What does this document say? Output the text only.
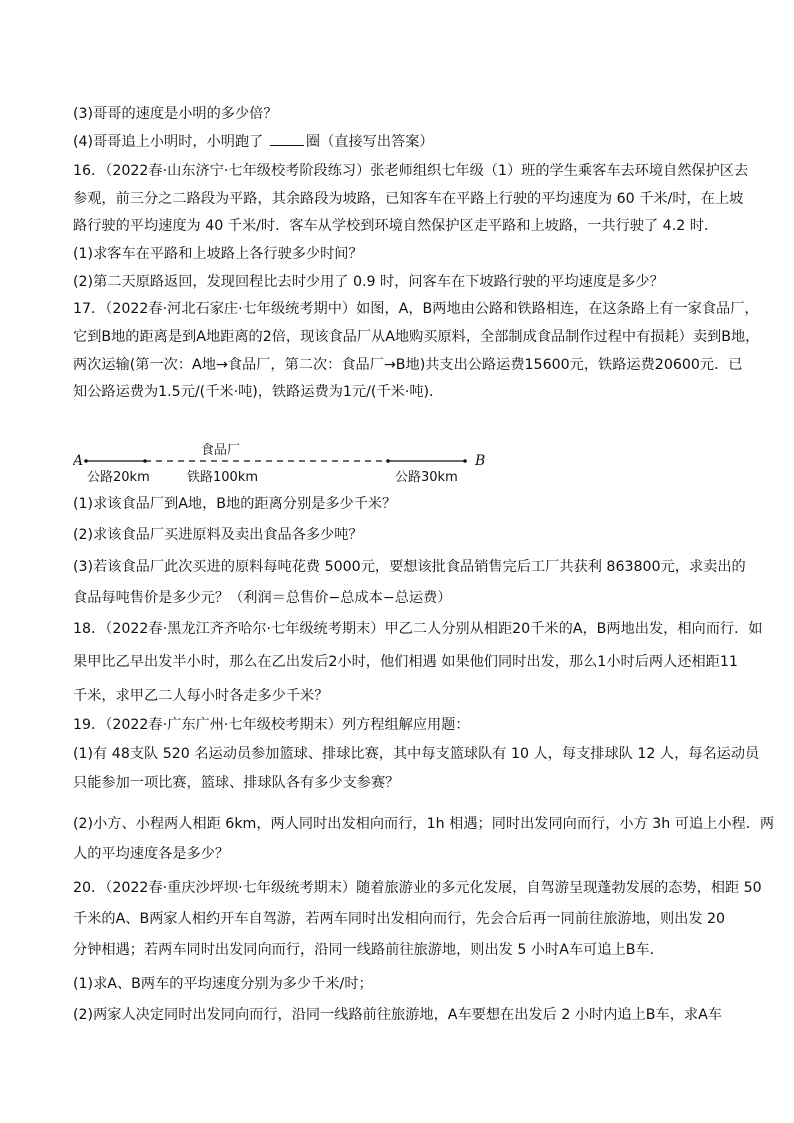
(3)哥哥的速度是小明的多少倍？
(4)哥哥追上小明时，小明跑了	圈（直接写出答案）
16．（2022春·山东济宁·七年级校考阶段练习）张老师组织七年级（1）班的学生乘客车去环境自然保护区去
参观，前三分之二路段为平路，其余路段为坡路，已知客车在平路上行驶的平均速度为 60 千米/时，在上坡
路行驶的平均速度为 40 千米/时．客车从学校到环境自然保护区走平路和上坡路，一共行驶了 4.2 时．
(1)求客车在平路和上坡路上各行驶多少时间？
(2)第二天原路返回，发现回程比去时少用了 0.9 时，问客车在下坡路行驶的平均速度是多少？
17．（2022春·河北石家庄·七年级统考期中）如图，A，B两地由公路和铁路相连，在这条路上有一家食品厂，
它到B地的距离是到A地距离的2倍，现该食品厂从A地购买原料，全部制成食品制作过程中有损耗）卖到B地，
两次运输(第一次：A地→食品厂，第二次：食品厂→B地)共支出公路运费15600元，铁路运费20600元．已
知公路运费为1.5元/(千米·吨)，铁路运费为1元/(千米·吨)．
A	B
食品厂
公路20km	铁路100km	公路30km
(1)求该食品厂到A地，B地的距离分别是多少千米？
(2)求该食品厂买进原料及卖出食品各多少吨？
(3)若该食品厂此次买进的原料每吨花费 5000元，要想该批食品销售完后工厂共获利 863800元，求卖出的
食品每吨售价是多少元？（利润＝总售价−总成本−总运费）
18．（2022春·黑龙江齐齐哈尔·七年级统考期末）甲乙二人分别从相距20千米的A，B两地出发，相向而行．如
果甲比乙早出发半小时，那么在乙出发后2小时，他们相遇 如果他们同时出发，那么1小时后两人还相距11
千米，求甲乙二人每小时各走多少千米？
19．（2022春·广东广州·七年级校考期末）列方程组解应用题：
(1)有 48支队 520 名运动员参加篮球、排球比赛，其中每支篮球队有 10 人，每支排球队 12 人，每名运动员
只能参加一项比赛，篮球、排球队各有多少支参赛？
(2)小方、小程两人相距 6km，两人同时出发相向而行，1h 相遇；同时出发同向而行，小方 3h 可追上小程．两
人的平均速度各是多少？
20．（2022春·重庆沙坪坝·七年级统考期末）随着旅游业的多元化发展，自驾游呈现蓬勃发展的态势，相距 50
千米的A、B两家人相约开车自驾游，若两车同时出发相向而行，先会合后再一同前往旅游地，则出发 20
分钟相遇；若两车同时出发同向而行，沿同一线路前往旅游地，则出发 5 小时A车可追上B车．
(1)求A、B两车的平均速度分别为多少千米/时；
(2)两家人决定同时出发同向而行，沿同一线路前往旅游地，A车要想在出发后 2 小时内追上B车，求A车
